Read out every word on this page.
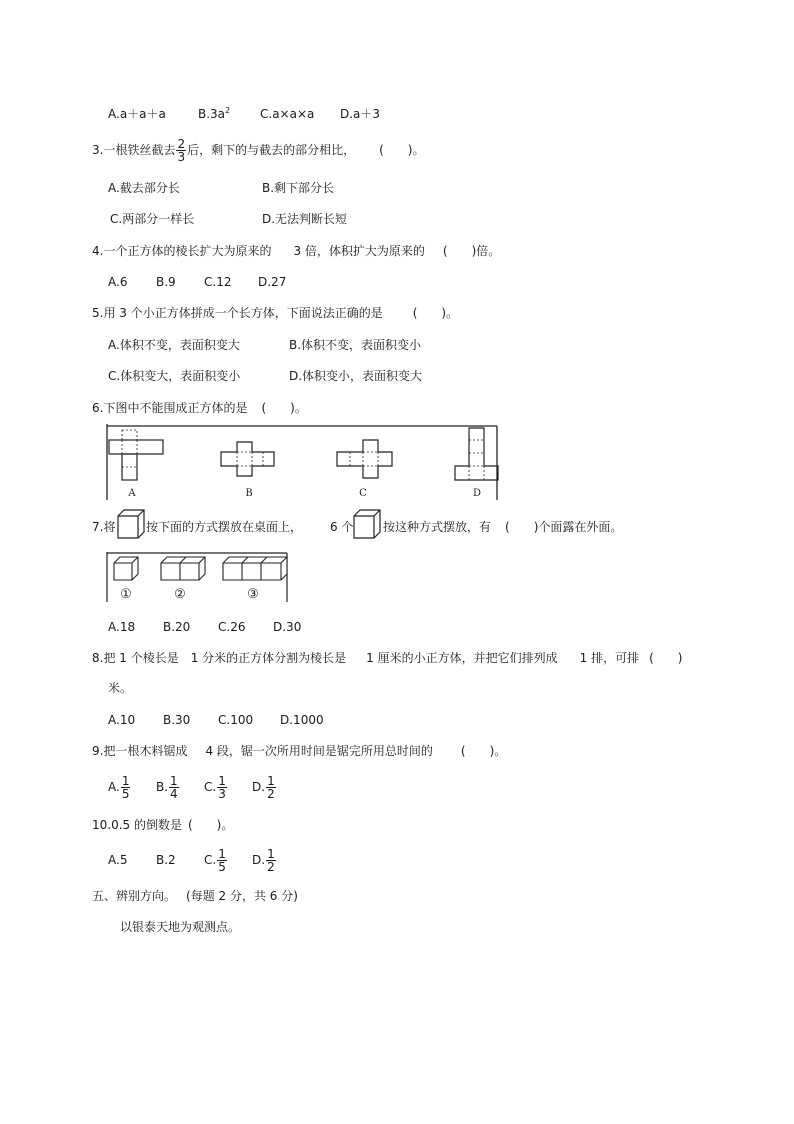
A.a＋a＋a	$B.3a^2$ C.a×a×a D.a＋3
3.一根铁丝截去 $\frac{2}{3}$ 后，剩下的与截去的部分相比， (　　)。
A.截去部分长	B.剩下部分长
C.两部分一样长	D.无法判断长短
4.一个正方体的棱长扩大为原来的 3 倍，体积扩大为原来的 (　　)倍。
A.6 B.9 C.12 D.27
5.用 3 个小正方体拼成一个长方体，下面说法正确的是	(　　)。
A.体积不变，表面积变大	B.体积不变，表面积变小
C.体积变大，表面积变小	D.体积变小，表面积变大
6.下图中不能围成正方体的是 (　　)。
A	B	C	D
7.将	按下面的方式摆放在桌面上， 6 个 按这种方式摆放，有 (　　)个面露在外面。
①	②	③
A.18 B.20 C.26 D.30
8.把 1 个棱长是 1 分米的正方体分割为棱长是 1 厘米的小正方体，并把它们排列成 1 排，可排 (　　)
米。
A.10 B.30 C.100 D.1000
9.把一根木料锯成 4 段，锯一次所用时间是锯完所用总时间的 (　　)。
A. $\frac{1}{5} B$. $\frac{1}{4} C$. $\frac{1}{3} D$. $\frac{1}{2}$
10.0.5 的倒数是 (　　)。
A.5 B.2 C. $\frac{1}{5} D$. $\frac{1}{2}$
五、辨别方向。 (每题 2 分，共 6 分)
以银泰天地为观测点。
